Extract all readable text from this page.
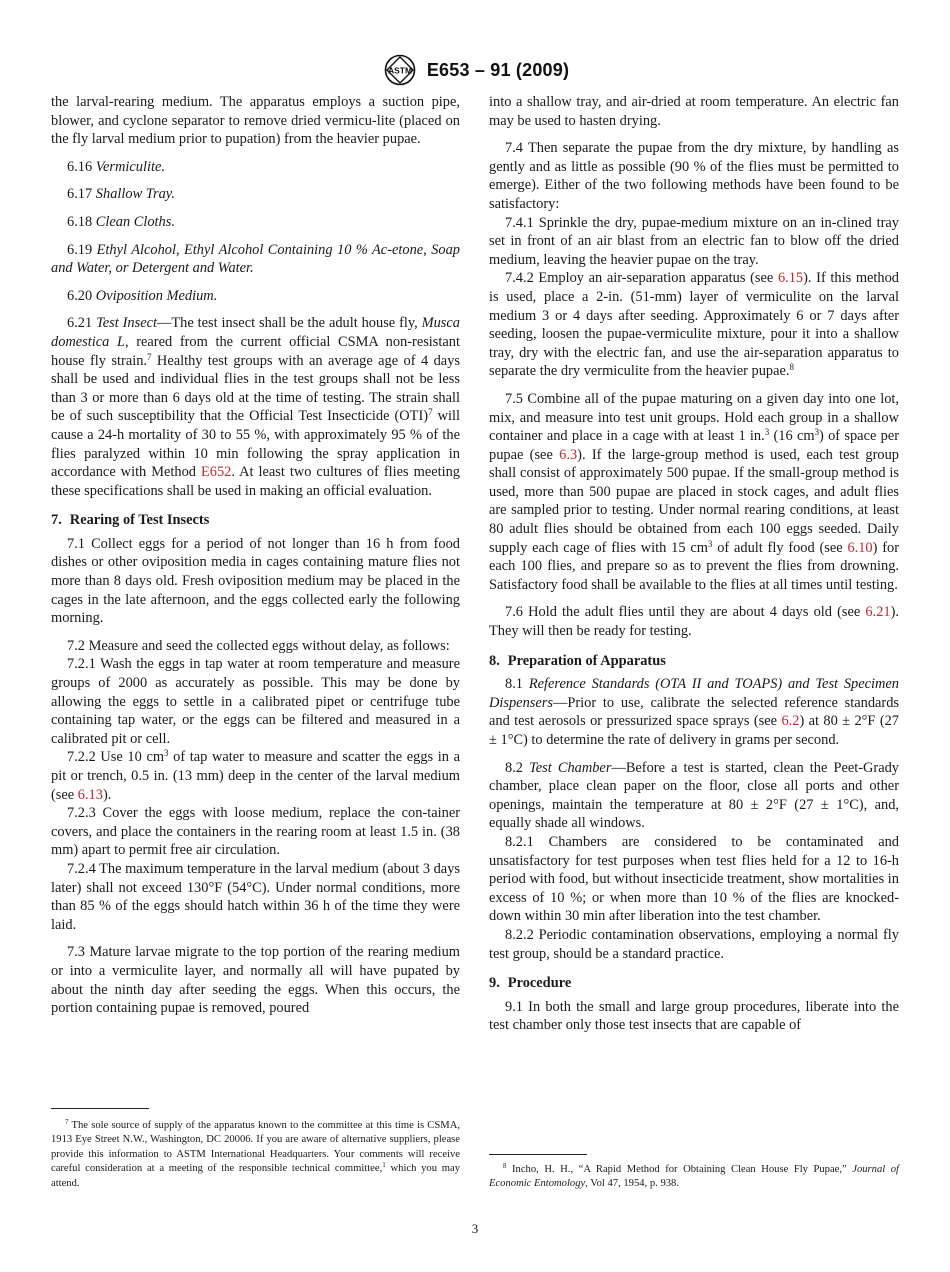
ASTM E653 – 91 (2009)

the larval-rearing medium. The apparatus employs a suction pipe, blower, and cyclone separator to remove dried vermicu-lite (placed on the fly larval medium prior to pupation) from the heavier pupae.

6.16 Vermiculite.

6.17 Shallow Tray.

6.18 Clean Cloths.

6.19 Ethyl Alcohol, Ethyl Alcohol Containing 10 % Ac-etone, Soap and Water, or Detergent and Water.

6.20 Oviposition Medium.

6.21 Test Insect—The test insect shall be the adult house fly, Musca domestica L, reared from the current official CSMA non-resistant house fly strain.$^7$ Healthy test groups with an average age of 4 days shall be used and individual flies in the test groups shall not be less than 3 or more than 6 days old at the time of testing. The strain shall be of such susceptibility that the Official Test Insecticide (OTI)$^7$ will cause a 24-h mortality of 30 to 55 %, with approximately 95 % of the flies paralyzed within 10 min following the spray application in accordance with Method E652. At least two cultures of flies meeting these specifications shall be used in making an official evaluation.

7. Rearing of Test Insects

7.1 Collect eggs for a period of not longer than 16 h from food dishes or other oviposition media in cages containing mature flies not more than 8 days old. Fresh oviposition medium may be placed in the cages in the late afternoon, and the eggs collected early the following morning.

7.2 Measure and seed the collected eggs without delay, as follows:

7.2.1 Wash the eggs in tap water at room temperature and measure groups of 2000 as accurately as possible. This may be done by allowing the eggs to settle in a calibrated pipet or centrifuge tube containing tap water, or the eggs can be filtered and measured in a calibrated pit or cell.

7.2.2 Use 10 $cm^3$ of tap water to measure and scatter the eggs in a pit or trench, 0.5 in. (13 mm) deep in the center of the larval medium (see 6.13).

7.2.3 Cover the eggs with loose medium, replace the con-tainer covers, and place the containers in the rearing room at least 1.5 in. (38 mm) apart to permit free air circulation.

7.2.4 The maximum temperature in the larval medium (about 3 days later) shall not exceed 130°F (54°C). Under normal conditions, more than 85 % of the eggs should hatch within 36 h of the time they were laid.

7.3 Mature larvae migrate to the top portion of the rearing medium or into a vermiculite layer, and normally all will have pupated by about the ninth day after seeding the eggs. When this occurs, the portion containing pupae is removed, poured

into a shallow tray, and air-dried at room temperature. An electric fan may be used to hasten drying.

7.4 Then separate the pupae from the dry mixture, by handling as gently and as little as possible (90 % of the flies must be permitted to emerge). Either of the two following methods have been found to be satisfactory:

7.4.1 Sprinkle the dry, pupae-medium mixture on an in-clined tray set in front of an air blast from an electric fan to blow off the dried medium, leaving the heavier pupae on the tray.

7.4.2 Employ an air-separation apparatus (see 6.15). If this method is used, place a 2-in. (51-mm) layer of vermiculite on the larval medium 3 or 4 days after seeding. Approximately 6 or 7 days after seeding, loosen the pupae-vermiculite mixture, pour it into a shallow tray, dry with the electric fan, and use the air-separation apparatus to separate the dry vermiculite from the heavier pupae.$^8$

7.5 Combine all of the pupae maturing on a given day into one lot, mix, and measure into test unit groups. Hold each group in a shallow container and place in a cage with at least 1 in.$^3$ (16 $cm^3$) of space per pupae (see 6.3). If the large-group method is used, each test group shall consist of approximately 500 pupae. If the small-group method is used, more than 500 pupae are placed in stock cages, and adult flies are sampled prior to testing. Under normal rearing conditions, at least 80 adult flies should be obtained from each 100 eggs seeded. Daily supply each cage of flies with 15 $cm^3$ of adult fly food (see 6.10) for each 100 flies, and prepare so as to prevent the flies from drowning. Satisfactory food shall be available to the flies at all times until testing.

7.6 Hold the adult flies until they are about 4 days old (see 6.21). They will then be ready for testing.

8. Preparation of Apparatus

8.1 Reference Standards (OTA II and TOAPS) and Test Specimen Dispensers—Prior to use, calibrate the selected reference standards and test aerosols or pressurized space sprays (see 6.2) at 80 ± 2°F (27 ± 1°C) to determine the rate of delivery in grams per second.

8.2 Test Chamber—Before a test is started, clean the Peet-Grady chamber, place clean paper on the floor, close all ports and other openings, maintain the temperature at 80 ± 2°F (27 ± 1°C), and, equally shade all windows.

8.2.1 Chambers are considered to be contaminated and unsatisfactory for test purposes when test flies held for a 12 to 16-h period with food, but without insecticide treatment, show mortalities in excess of 10 %; or when more than 10 % of the flies are knocked-down within 30 min after liberation into the test chamber.

8.2.2 Periodic contamination observations, employing a normal fly test group, should be a standard practice.

9. Procedure

9.1 In both the small and large group procedures, liberate into the test chamber only those test insects that are capable of

$^7$ The sole source of supply of the apparatus known to the committee at this time is CSMA, 1913 Eye Street N.W., Washington, DC 20006. If you are aware of alternative suppliers, please provide this information to ASTM International Headquarters. Your comments will receive careful consideration at a meeting of the responsible technical committee,$^1$ which you may attend.

$^8$ Incho, H. H., “A Rapid Method for Obtaining Clean House Fly Pupae,” Journal of Economic Entomology, Vol 47, 1954, p. 938.

3
